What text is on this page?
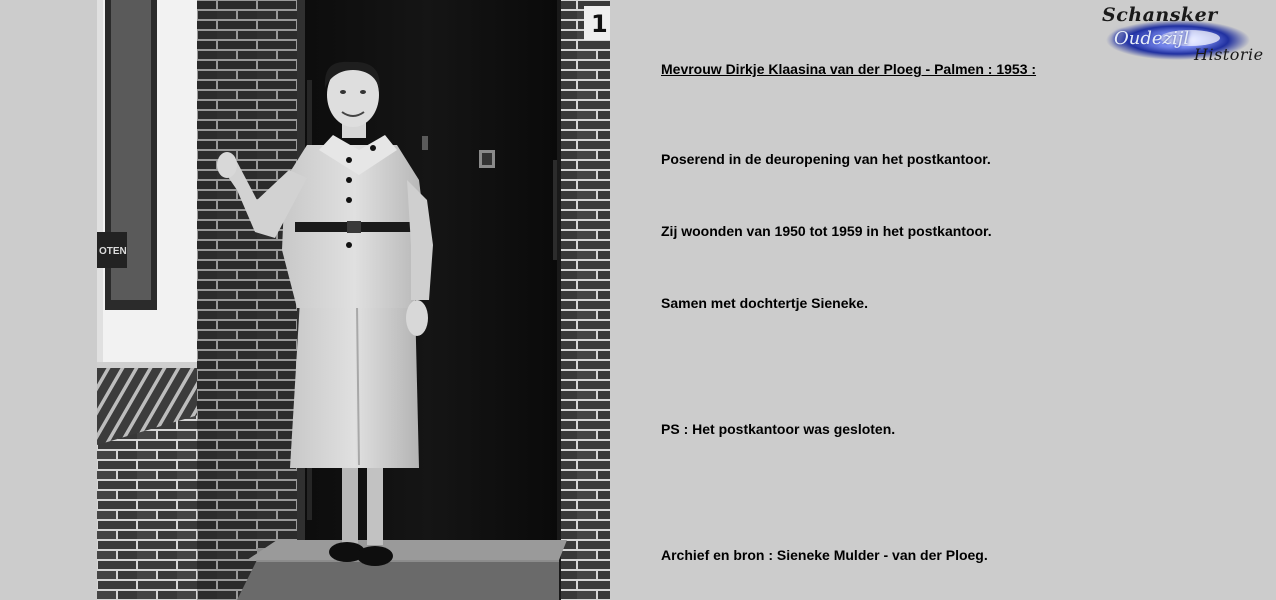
OTEN
1	Schansker
Oudezijl
Historie
Mevrouw Dirkje Klaasina van der Ploeg - Palmen : 1953 :
Poserend in de deuropening van het postkantoor.
Zij woonden van 1950 tot 1959 in het postkantoor.
Samen met dochtertje Sieneke.
PS : Het postkantoor was gesloten.
Archief en bron : Sieneke Mulder - van der Ploeg.
